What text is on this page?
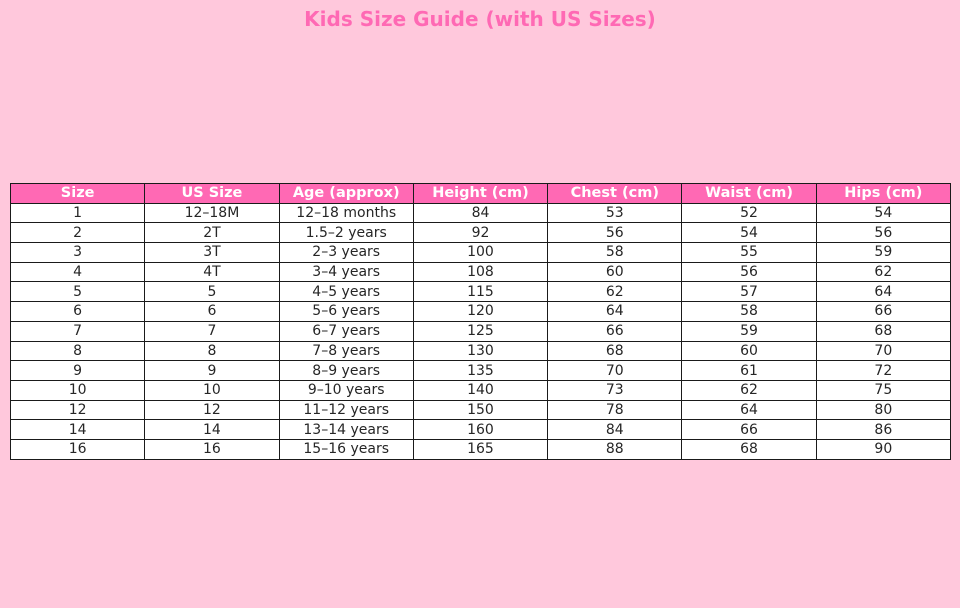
Kids Size Guide (with US Sizes)
Size	US Size	Age (approx)	Height (cm)	Chest (cm)	Waist (cm)	Hips (cm)
1	12–18M	12–18 months	84	53	52	54
2	2T	1.5–2 years	92	56	54	56
3	3T	2–3 years	100	58	55	59
4	4T	3–4 years	108	60	56	62
5	5	4–5 years	115	62	57	64
6	6	5–6 years	120	64	58	66
7	7	6–7 years	125	66	59	68
8	8	7–8 years	130	68	60	70
9	9	8–9 years	135	70	61	72
10	10	9–10 years	140	73	62	75
12	12	11–12 years	150	78	64	80
14	14	13–14 years	160	84	66	86
16	16	15–16 years	165	88	68	90
